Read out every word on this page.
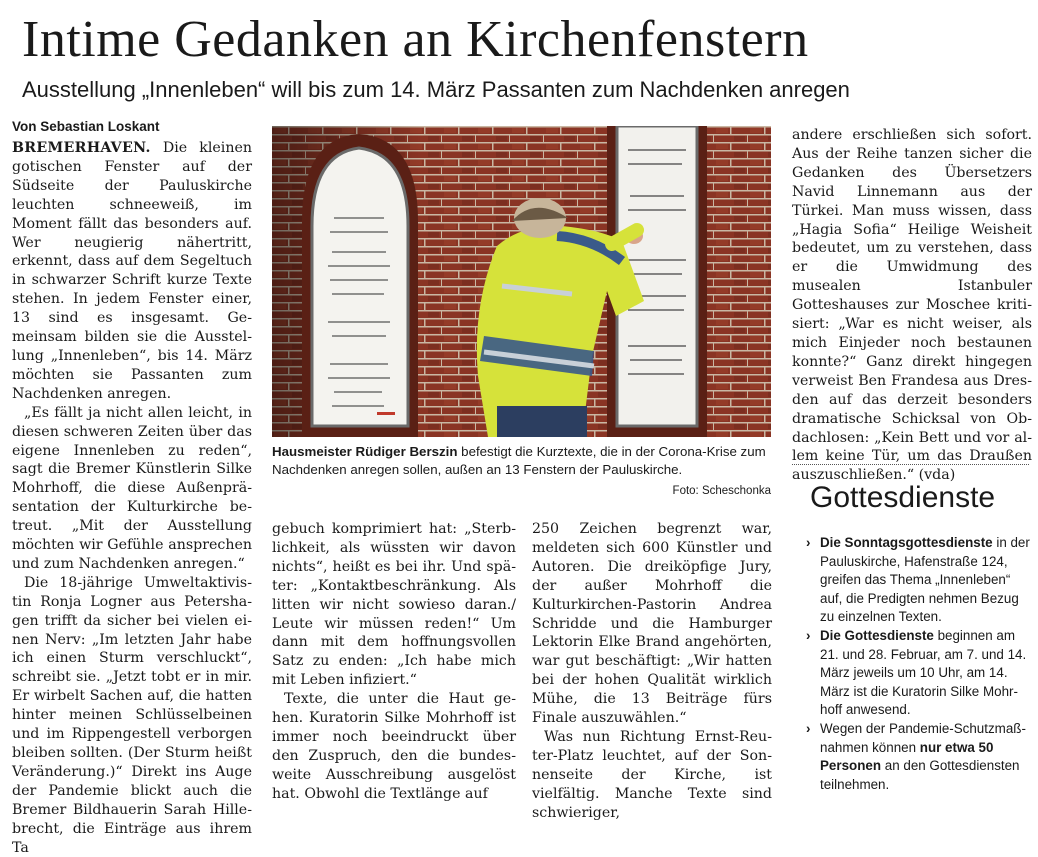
Intime Gedanken an Kirchenfenstern
Ausstellung „Innenleben“ will bis zum 14. März Passanten zum Nachdenken anregen
Von Sebastian Loskant

BREMERHAVEN. Die kleinen gotischen Fenster auf der Südseite der Pauluskirche leuchten schneeweiß, im Moment fällt das besonders auf. Wer neugierig nähertritt, erkennt, dass auf dem Segeltuch in schwarzer Schrift kurze Texte stehen. In jedem Fenster einer, 13 sind es insgesamt. Gemeinsam bilden sie die Ausstellung „Innenleben“, bis 14. März möchten sie Passanten zum Nachdenken anregen.

„Es fällt ja nicht allen leicht, in diesen schweren Zeiten über das eigene Innenleben zu reden“, sagt die Bremer Künstlerin Silke Mohrhoff, die diese Außenpräsentation der Kulturkirche betreut. „Mit der Ausstellung möchten wir Gefühle ansprechen und zum Nachdenken anregen.“

Die 18-jährige Umweltaktivistin Ronja Logner aus Petershagen trifft da sicher bei vielen einen Nerv: „Im letzten Jahr habe ich einen Sturm verschluckt“, schreibt sie. „Jetzt tobt er in mir. Er wirbelt Sachen auf, die hatten hinter meinen Schlüsselbeinen und im Rippengestell verborgen bleiben sollten. (Der Sturm heißt Veränderung.)“ Direkt ins Auge der Pandemie blickt auch die Bremer Bildhauerin Sarah Hillebrecht, die Einträge aus ihrem Ta

Hausmeister Rüdiger Berszin befestigt die Kurztexte, die in der Corona-Krise zum Nachdenken anregen sollen, außen an 13 Fenstern der Pauluskirche.
Foto: Scheschonka

gebuch komprimiert hat: „Sterblichkeit, als wüssten wir davon nichts“, heißt es bei ihr. Und später: „Kontaktbeschränkung. Als litten wir nicht sowieso daran./ Leute wir müssen reden!“ Um dann mit dem hoffnungsvollen Satz zu enden: „Ich habe mich mit Leben infiziert.“

Texte, die unter die Haut gehen. Kuratorin Silke Mohrhoff ist immer noch beeindruckt über den Zuspruch, den die bundesweite Ausschreibung ausgelöst hat. Obwohl die Textlänge auf

250 Zeichen begrenzt war, meldeten sich 600 Künstler und Autoren. Die dreiköpfige Jury, der außer Mohrhoff die Kulturkirchen-Pastorin Andrea Schridde und die Hamburger Lektorin Elke Brand angehörten, war gut beschäftigt: „Wir hatten bei der hohen Qualität wirklich Mühe, die 13 Beiträge fürs Finale auszuwählen.“

Was nun Richtung Ernst-Reuter-Platz leuchtet, auf der Sonnenseite der Kirche, ist vielfältig. Manche Texte sind schwieriger,

andere erschließen sich sofort. Aus der Reihe tanzen sicher die Gedanken des Übersetzers Navid Linnemann aus der Türkei. Man muss wissen, dass „Hagia Sofia“ Heilige Weisheit bedeutet, um zu verstehen, dass er die Umwidmung des musealen Istanbuler Gotteshauses zur Moschee kritisiert: „War es nicht weiser, als mich Einjeder noch bestaunen konnte?“ Ganz direkt hingegen verweist Ben Frandesa aus Dresden auf das derzeit besonders dramatische Schicksal von Obdachlosen: „Kein Bett und vor allem keine Tür, um das Draußen auszuschließen.“ (vda)

Gottesdienste
› Die Sonntagsgottesdienste in der Pauluskirche, Hafenstraße 124, greifen das Thema „Innenleben“ auf, die Predigten nehmen Bezug zu einzelnen Texten.
› Die Gottesdienste beginnen am 21. und 28. Februar, am 7. und 14. März jeweils um 10 Uhr, am 14. März ist die Kuratorin Silke Mohrhoff anwesend.
› Wegen der Pandemie-Schutzmaßnahmen können nur etwa 50 Personen an den Gottesdiensten teilnehmen.
